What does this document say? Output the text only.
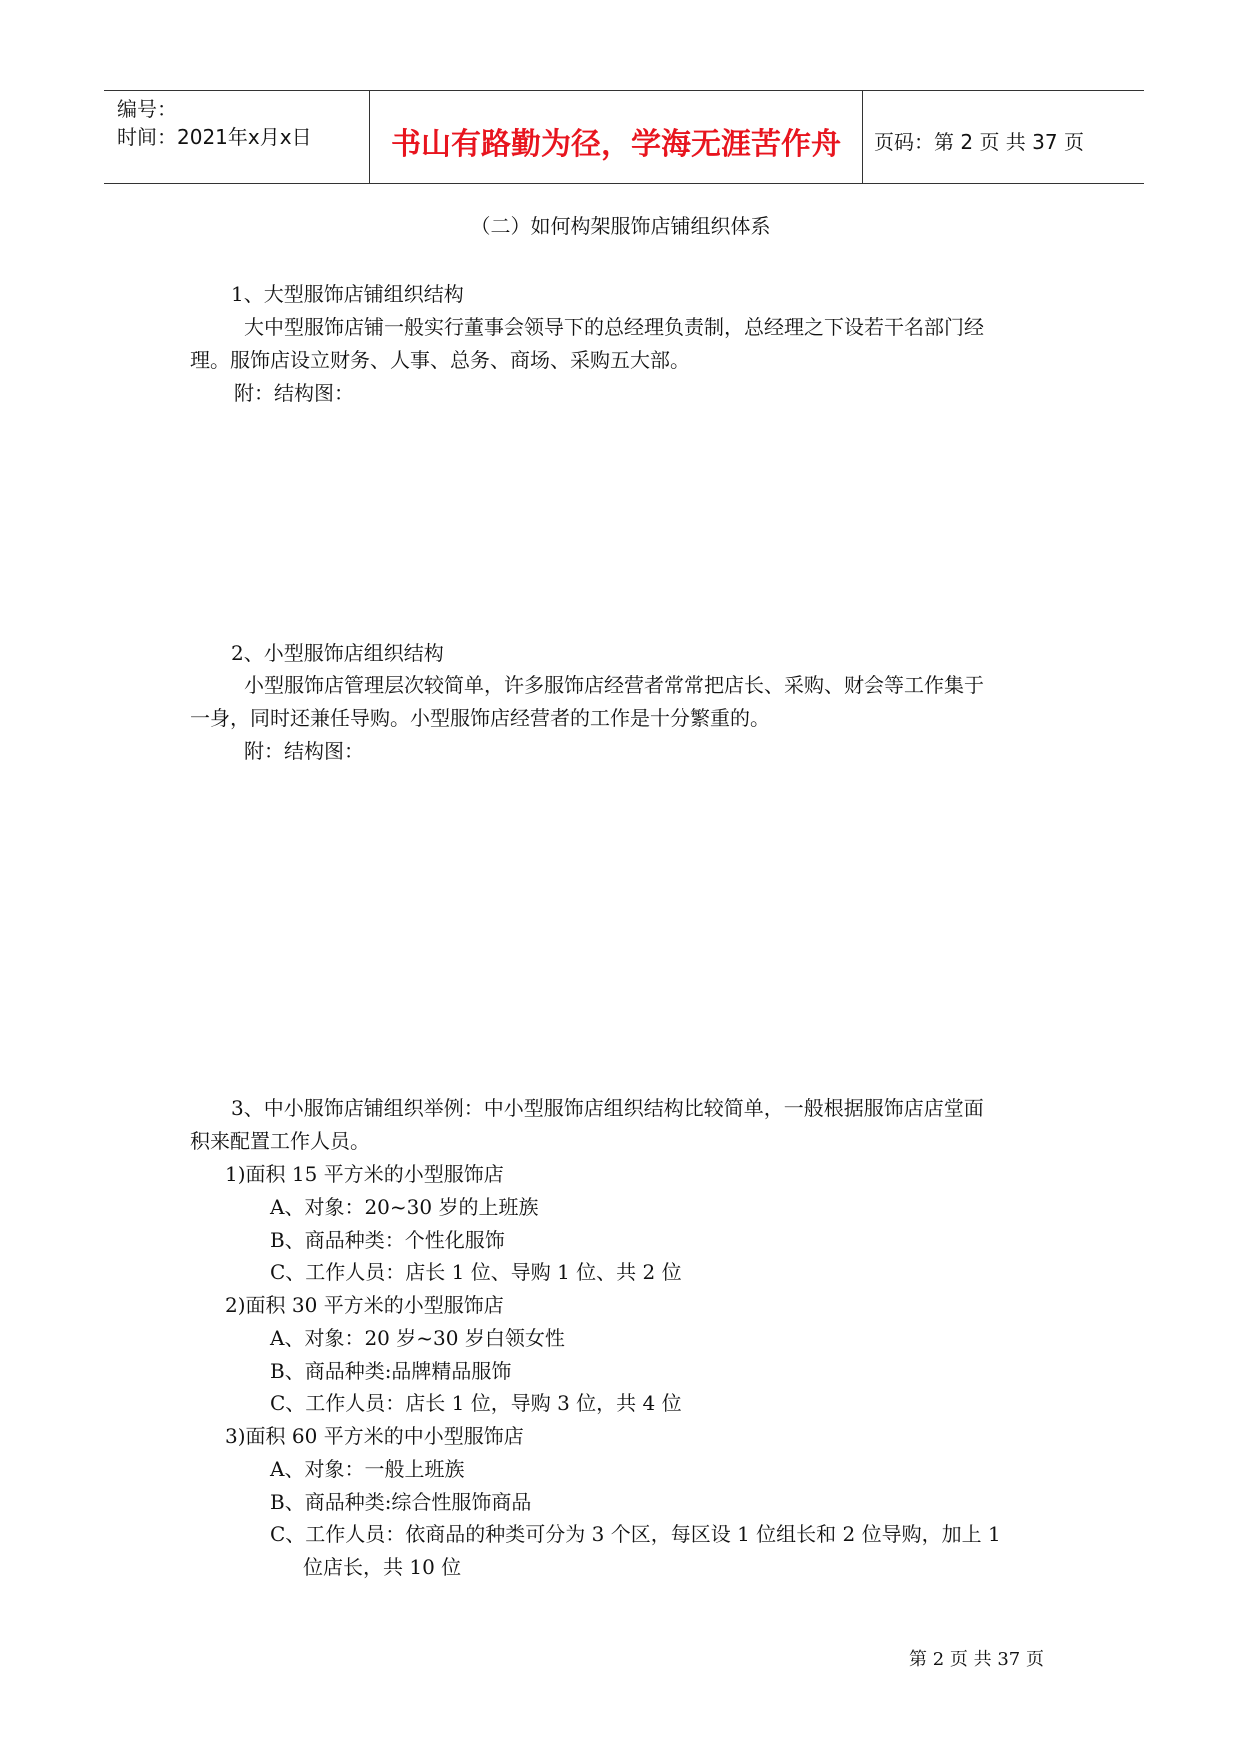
编号：
时间：2021年x月x日	书山有路勤为径，学海无涯苦作舟	页码：第 2 页 共 37 页
（二）如何构架服饰店铺组织体系
1、大型服饰店铺组织结构
大中型服饰店铺一般实行董事会领导下的总经理负责制，总经理之下设若干名部门经
理。服饰店设立财务、人事、总务、商场、采购五大部。
附：结构图：
2、小型服饰店组织结构
小型服饰店管理层次较简单，许多服饰店经营者常常把店长、采购、财会等工作集于
一身，同时还兼任导购。小型服饰店经营者的工作是十分繁重的。
附：结构图：
3、中小服饰店铺组织举例：中小型服饰店组织结构比较简单，一般根据服饰店店堂面
积来配置工作人员。
1)面积 15 平方米的小型服饰店
A、对象：20~30 岁的上班族
B、商品种类：个性化服饰
C、工作人员：店长 1 位、导购 1 位、共 2 位
2)面积 30 平方米的小型服饰店
A、对象：20 岁~30 岁白领女性
B、商品种类:品牌精品服饰
C、工作人员：店长 1 位，导购 3 位，共 4 位
3)面积 60 平方米的中小型服饰店
A、对象：一般上班族
B、商品种类:综合性服饰商品
C、工作人员：依商品的种类可分为 3 个区，每区设 1 位组长和 2 位导购，加上 1
位店长，共 10 位
第 2 页 共 37 页
